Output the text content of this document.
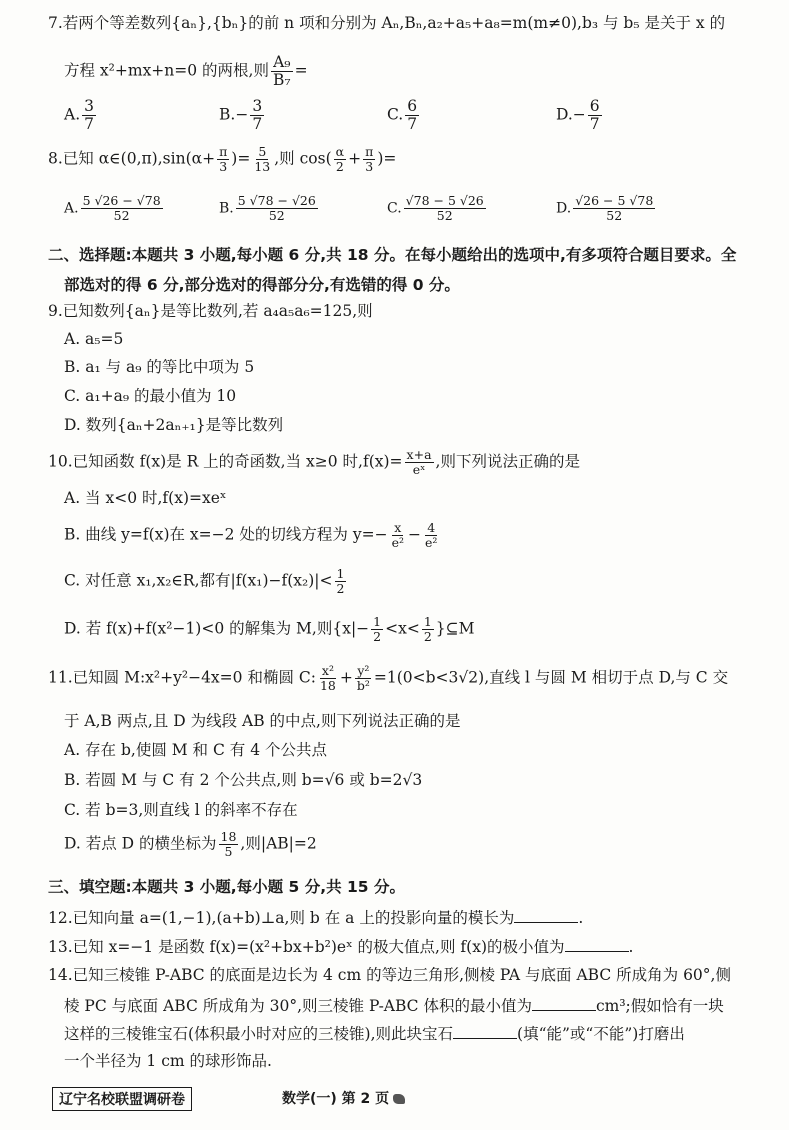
7.若两个等差数列{aₙ},{bₙ}的前 n 项和分别为 Aₙ,Bₙ,a₂+a₅+a₈=m(m≠0),b₃ 与 b₅ 是关于 x 的
方程 x²+mx+n=0 的两根,则 $\frac{\text{A₉}}{\text{B₇}}$ =
A. $\frac{3}{7}$	$B.- \frac{3}{7}$	C. $\frac{6}{7}$	$D.- \frac{6}{7}$
8.已知 α∈(0,π),sin(α+ $\frac{\pi}{3}$ )= $\frac{5}{13}$ ,则 $\cos( \frac{\alpha}{2} + \frac{\pi}{3}$ )=
A. $\frac{5 √26 - √78}{52}$	B. $\frac{5 √78 - √26}{52}$	C. $\frac{√78 - 5 √26}{52}$	D. $\frac{√26 - 5 √78}{52}$
二、选择题:本题共 3 小题,每小题 6 分,共 18 分。在每小题给出的选项中,有多项符合题目要求。全
部选对的得 6 分,部分选对的得部分分,有选错的得 0 分。
9.已知数列{aₙ}是等比数列,若 a₄a₅a₆=125,则
A. a₅=5
B. a₁ 与 a₉ 的等比中项为 5
C. a₁+a₉ 的最小值为 10
D. 数列{aₙ+2aₙ₊₁}是等比数列
10.已知函数 f(x)是 R 上的奇函数,当 x≥0 时$,f(x)= \frac{x+a}{\text{eˣ}}$ ,则下列说法正确的是
A. 当 x<0 时,f(x)=xeˣ
B. 曲线 y=f(x)在 x=−2 处的切线方程为 $y=- \frac{x}{\text{e²}} - \frac{4}{\text{e²}}$
C. 对任意 x₁,x₂∈R,都有$|f(x_1)-f(x_2)|< \frac{1}{2}$
D. 若 f(x)+f(x²−1)<0 的解集为 M,则{$x|- \frac{1}{2} <x< \frac{1}{2}$ }⊆M
11.已知圆 M:x²+y²−4x=0 和椭圆 C: $\frac{\text{x²}}{18} + \frac{\text{y²}}{\text{b²}} =1(0<b<3√2)$,直线 l 与圆 M 相切于点 D,与 C 交
于 A,B 两点,且 D 为线段 AB 的中点,则下列说法正确的是
A. 存在 b,使圆 M 和 C 有 4 个公共点
B. 若圆 M 与 C 有 2 个公共点,则 b=√6 或 b=2√3
C. 若 b=3,则直线 l 的斜率不存在
D. 若点 D 的横坐标为 $\frac{18}{5}$ ,则|AB|=2
三、填空题:本题共 3 小题,每小题 5 分,共 15 分。
12.已知向量 a=(1,−1),(a+b)⊥a,则 b 在 a 上的投影向量的模长为	.
13.已知 x=−1 是函数 f(x)=(x²+bx+b²)eˣ 的极大值点,则 f(x)的极小值为	.
14.已知三棱锥 P-ABC 的底面是边长为 4 cm 的等边三角形,侧棱 PA 与底面 ABC 所成角为 60°,侧
棱 PC 与底面 ABC 所成角为 30°,则三棱锥 P-ABC 体积的最小值为	cm³;假如恰有一块
这样的三棱锥宝石(体积最小时对应的三棱锥),则此块宝石	(填“能”或“不能”)打磨出
一个半径为 1 cm 的球形饰品.
辽宁名校联盟调研卷	数学(一) 第 2 页
